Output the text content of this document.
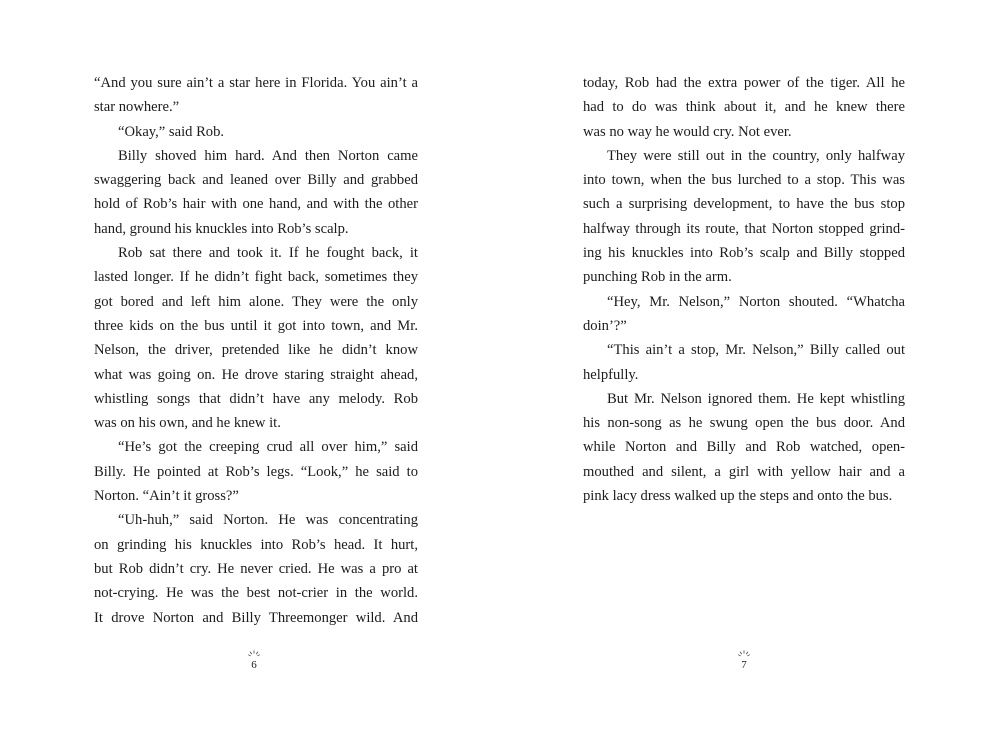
“And you sure ain’t a star here in Florida. You ain’t a
star nowhere.”
“Okay,” said Rob.
Billy shoved him hard. And then Norton came
swaggering back and leaned over Billy and grabbed
hold of Rob’s hair with one hand, and with the other
hand, ground his knuckles into Rob’s scalp.
Rob sat there and took it. If he fought back, it
lasted longer. If he didn’t fight back, sometimes they
got bored and left him alone. They were the only
three kids on the bus until it got into town, and Mr.
Nelson, the driver, pretended like he didn’t know
what was going on. He drove staring straight ahead,
whistling songs that didn’t have any melody. Rob
was on his own, and he knew it.
“He’s got the creeping crud all over him,” said
Billy. He pointed at Rob’s legs. “Look,” he said to
Norton. “Ain’t it gross?”
“Uh-huh,” said Norton. He was concentrating
on grinding his knuckles into Rob’s head. It hurt,
but Rob didn’t cry. He never cried. He was a pro at
not-crying. He was the best not-crier in the world.
It drove Norton and Billy Threemonger wild. And
today, Rob had the extra power of the tiger. All he
had to do was think about it, and he knew there
was no way he would cry. Not ever.
They were still out in the country, only halfway
into town, when the bus lurched to a stop. This was
such a surprising development, to have the bus stop
halfway through its route, that Norton stopped grind-
ing his knuckles into Rob’s scalp and Billy stopped
punching Rob in the arm.
“Hey, Mr. Nelson,” Norton shouted. “Whatcha
doin’?”
“This ain’t a stop, Mr. Nelson,” Billy called out
helpfully.
But Mr. Nelson ignored them. He kept whistling
his non-song as he swung open the bus door. And
while Norton and Billy and Rob watched, open-
mouthed and silent, a girl with yellow hair and a
pink lacy dress walked up the steps and onto the bus.
6	7
